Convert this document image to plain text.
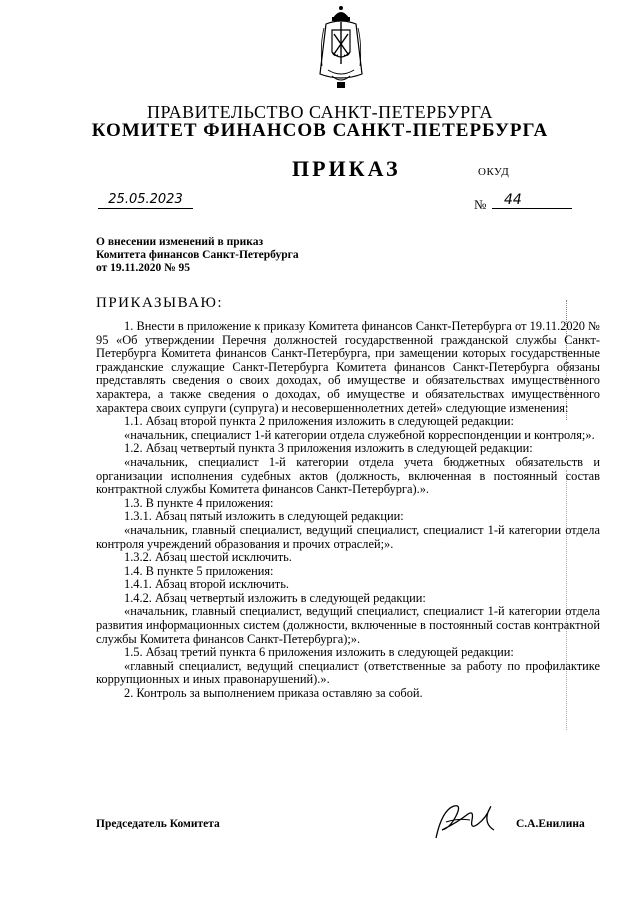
ПРАВИТЕЛЬСТВО САНКТ-ПЕТЕРБУРГА
КОМИТЕТ ФИНАНСОВ САНКТ-ПЕТЕРБУРГА
ПРИКАЗ	ОКУД
25.05.2023	№	44
О внесении изменений в приказ
Комитета финансов Санкт-Петербурга
от 19.11.2020 № 95
ПРИКАЗЫВАЮ:

1. Внести в приложение к приказу Комитета финансов Санкт-Петербурга от 19.11.2020 № 95 «Об утверждении Перечня должностей государственной гражданской службы Санкт-Петербурга Комитета финансов Санкт-Петербурга, при замещении которых государственные гражданские служащие Санкт-Петербурга Комитета финансов Санкт-Петербурга обязаны представлять сведения о своих доходах, об имуществе и обязательствах имущественного характера, а также сведения о доходах, об имуществе и обязательствах имущественного характера своих супруги (супруга) и несовершеннолетних детей» следующие изменения:

1.1. Абзац второй пункта 2 приложения изложить в следующей редакции:

«начальник, специалист 1-й категории отдела служебной корреспонденции и контроля;».

1.2. Абзац четвертый пункта 3 приложения изложить в следующей редакции:

«начальник, специалист 1-й категории отдела учета бюджетных обязательств и организации исполнения судебных актов (должность, включенная в постоянный состав контрактной службы Комитета финансов Санкт-Петербурга).».

1.3. В пункте 4 приложения:

1.3.1. Абзац пятый изложить в следующей редакции:

«начальник, главный специалист, ведущий специалист, специалист 1-й категории отдела контроля учреждений образования и прочих отраслей;».

1.3.2. Абзац шестой исключить.

1.4. В пункте 5 приложения:

1.4.1. Абзац второй исключить.

1.4.2. Абзац четвертый изложить в следующей редакции:

«начальник, главный специалист, ведущий специалист, специалист 1-й категории отдела развития информационных систем (должности, включенные в постоянный состав контрактной службы Комитета финансов Санкт-Петербурга);».

1.5. Абзац третий пункта 6 приложения изложить в следующей редакции:

«главный специалист, ведущий специалист (ответственные за работу по профилактике коррупционных и иных правонарушений).».

2. Контроль за выполнением приказа оставляю за собой.

Председатель Комитета	С.А.Енилина
